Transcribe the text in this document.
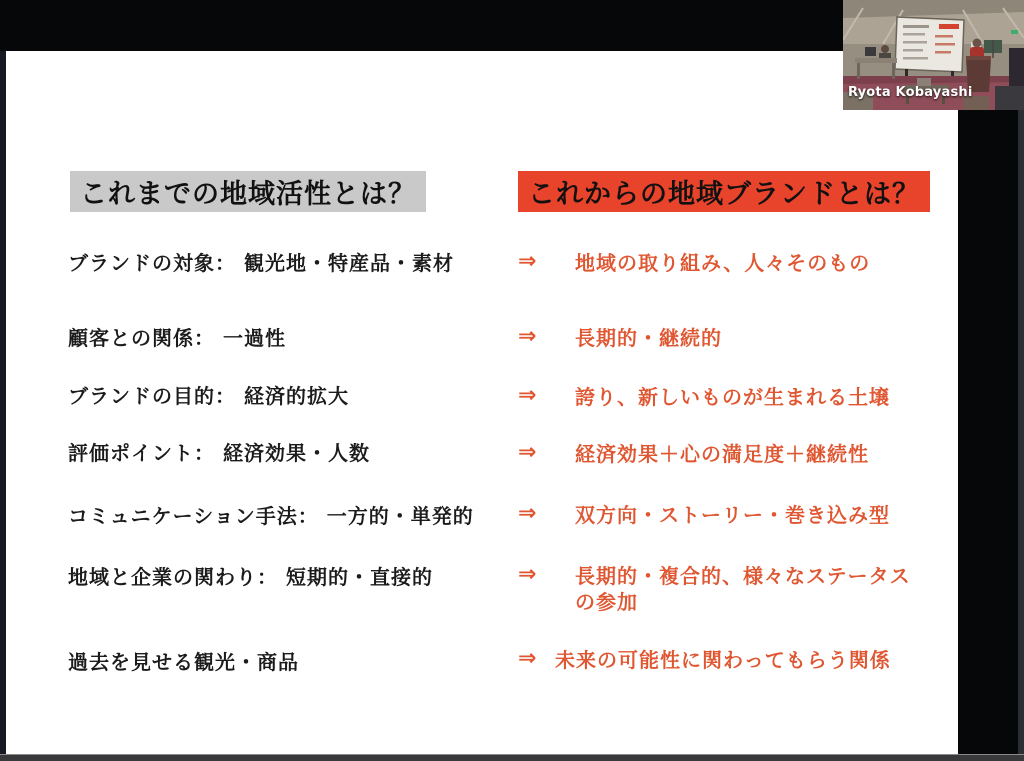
これまでの地域活性とは？	これからの地域ブランドとは？
ブランドの対象： 観光地・特産品・素材	⇒	地域の取り組み、人々そのもの
顧客との関係： 一過性	⇒	長期的・継続的
ブランドの目的： 経済的拡大	⇒	誇り、新しいものが生まれる土壌
評価ポイント： 経済効果・人数	⇒	経済効果＋心の満足度＋継続性
コミュニケーション手法： 一方的・単発的 ⇒	双方向・ストーリー・巻き込み型
地域と企業の関わり： 短期的・直接的	⇒	長期的・複合的、様々なステータスの参加
過去を見せる観光・商品	⇒ 未来の可能性に関わってもらう関係
Ryota Kobayashi
